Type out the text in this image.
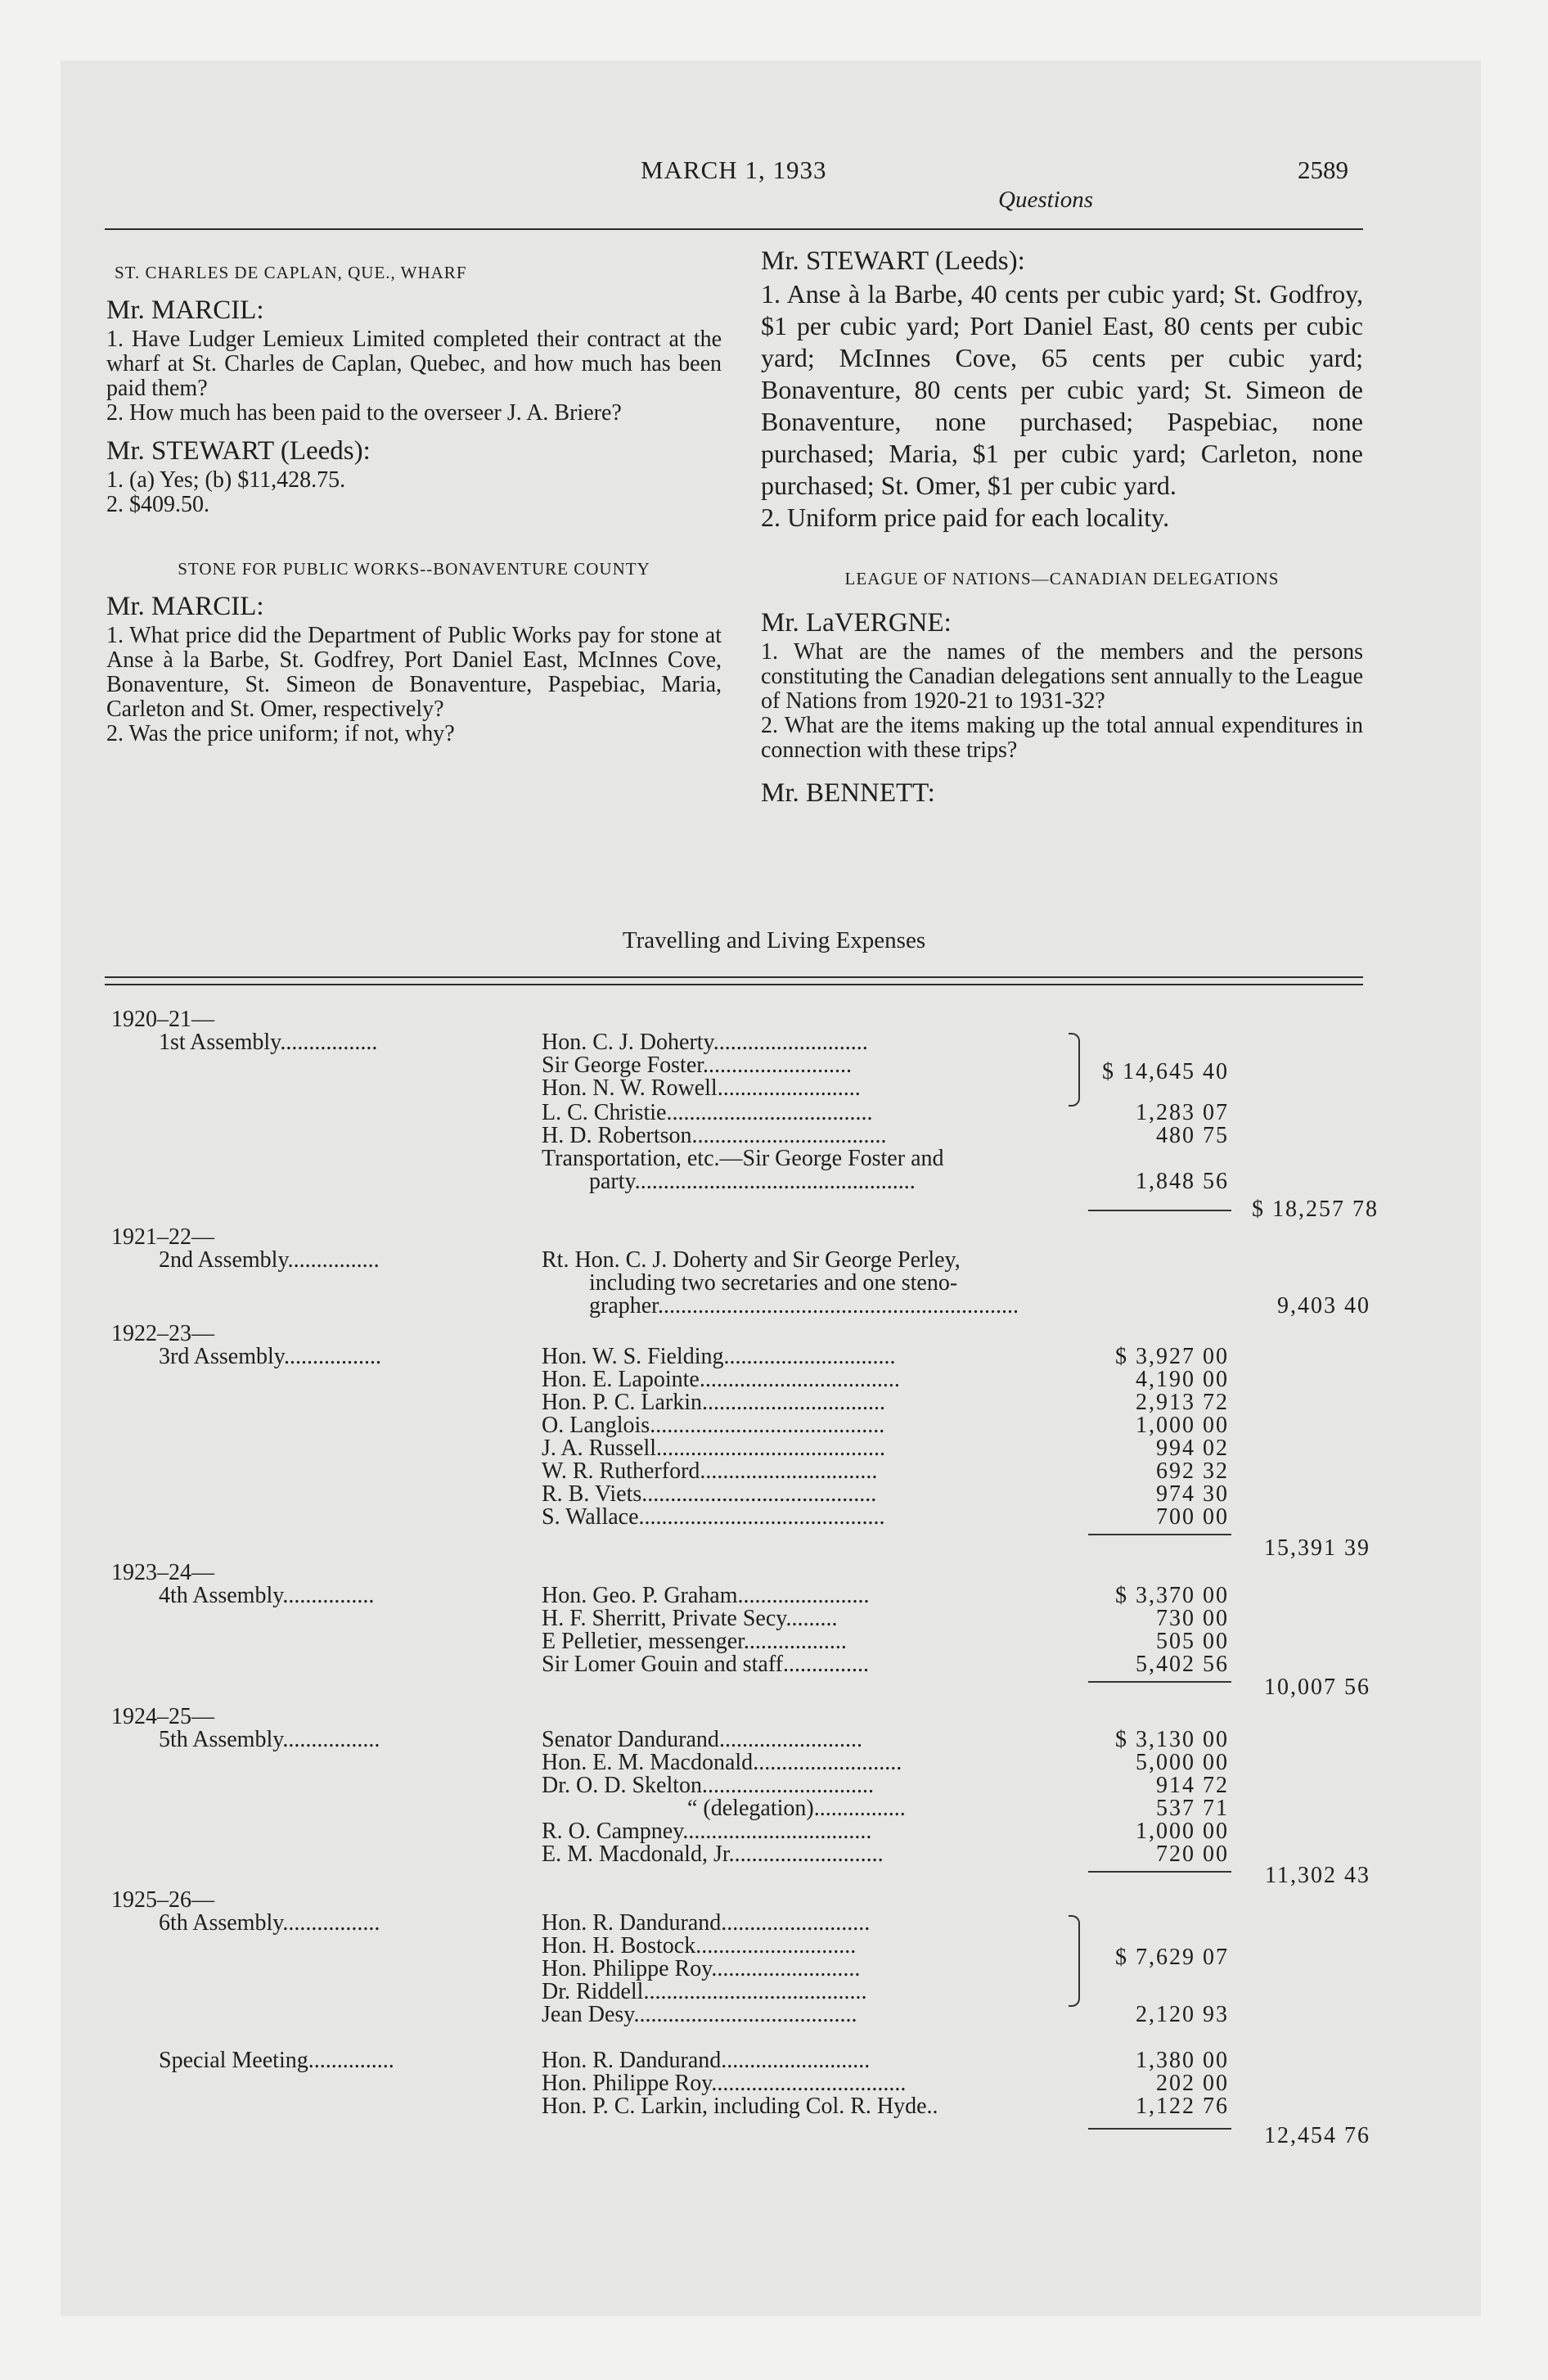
MARCH 1, 1933	2589
Questions
ST. CHARLES DE CAPLAN, QUE., WHARF
Mr. MARCIL:

1. Have Ludger Lemieux Limited completed their contract at the wharf at St. Charles de Caplan, Quebec, and how much has been paid them?

2. How much has been paid to the overseer J. A. Briere?

Mr. STEWART (Leeds):

1. (a) Yes; (b) $11,428.75.

2. $409.50.

STONE FOR PUBLIC WORKS--BONAVENTURE COUNTY
Mr. MARCIL:

1. What price did the Department of Public Works pay for stone at Anse à la Barbe, St. Godfrey, Port Daniel East, McInnes Cove, Bonaventure, St. Simeon de Bonaventure, Paspebiac, Maria, Carleton and St. Omer, respectively?

2. Was the price uniform; if not, why?

Mr. STEWART (Leeds):

1. Anse à la Barbe, 40 cents per cubic yard; St. Godfroy, $1 per cubic yard; Port Daniel East, 80 cents per cubic yard; McInnes Cove, 65 cents per cubic yard; Bonaventure, 80 cents per cubic yard; St. Simeon de Bonaventure, none purchased; Paspebiac, none purchased; Maria, $1 per cubic yard; Carleton, none purchased; St. Omer, $1 per cubic yard.

2. Uniform price paid for each locality.

LEAGUE OF NATIONS—CANADIAN DELEGATIONS
Mr. LaVERGNE:

1. What are the names of the members and the persons constituting the Canadian delegations sent annually to the League of Nations from 1920-21 to 1931-32?

2. What are the items making up the total annual expenditures in connection with these trips?

Mr. BENNETT:
Travelling and Living Expenses
1920–21—
1st Assembly.................	Hon. C. J. Doherty...........................
Sir George Foster..........................
Hon. N. W. Rowell.........................
$ 14,645 40
L. C. Christie....................................	1,283 07
H. D. Robertson..................................	480 75
Transportation, etc.—Sir George Foster and
party.................................................	1,848 56
$ 18,257 78
1921–22—
2nd Assembly................	Rt. Hon. C. J. Doherty and Sir George Perley,
including two secretaries and one steno-
grapher...............................................................	9,403 40
1922–23—
3rd Assembly.................	Hon. W. S. Fielding..............................	$ 3,927 00
Hon. E. Lapointe...................................	4,190 00
Hon. P. C. Larkin................................	2,913 72
O. Langlois.........................................	1,000 00
J. A. Russell........................................	994 02
W. R. Rutherford...............................	692 32
R. B. Viets.........................................	974 30
S. Wallace...........................................	700 00
15,391 39
1923–24—
4th Assembly................	Hon. Geo. P. Graham.......................	$ 3,370 00
H. F. Sherritt, Private Secy.........	730 00
E Pelletier, messenger..................	505 00
Sir Lomer Gouin and staff...............	5,402 56
10,007 56
1924–25—
5th Assembly.................	Senator Dandurand.........................	$ 3,130 00
Hon. E. M. Macdonald..........................	5,000 00
Dr. O. D. Skelton..............................	914 72
“ (delegation)................	537 71
R. O. Campney.................................	1,000 00
E. M. Macdonald, Jr...........................	720 00
11,302 43
1925–26—
6th Assembly.................	Hon. R. Dandurand..........................
Hon. H. Bostock............................
Hon. Philippe Roy..........................
Dr. Riddell.......................................
$ 7,629 07
Jean Desy.......................................	2,120 93
Special Meeting...............	Hon. R. Dandurand..........................	1,380 00
Hon. Philippe Roy..................................	202 00
Hon. P. C. Larkin, including Col. R. Hyde..	1,122 76
12,454 76
